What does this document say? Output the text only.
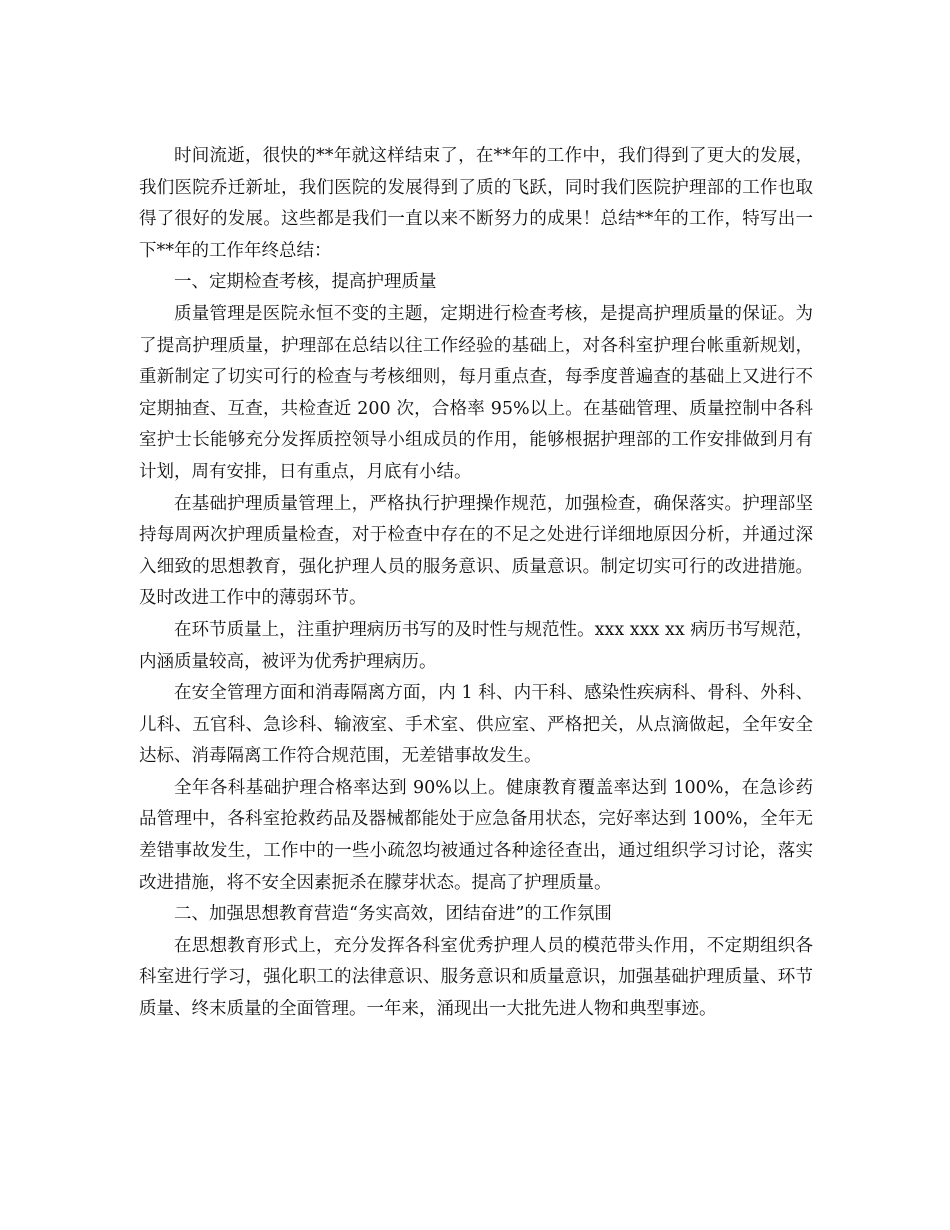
时间流逝，很快的**年就这样结束了，在**年的工作中，我们得到了更大的发展，我们医院乔迁新址，我们医院的发展得到了质的飞跃，同时我们医院护理部的工作也取得了很好的发展。这些都是我们一直以来不断努力的成果！总结**年的工作，特写出一下**年的工作年终总结：

一、定期检查考核，提高护理质量

质量管理是医院永恒不变的主题，定期进行检查考核，是提高护理质量的保证。为了提高护理质量，护理部在总结以往工作经验的基础上，对各科室护理台帐重新规划，重新制定了切实可行的检查与考核细则，每月重点查，每季度普遍查的基础上又进行不定期抽查、互查，共检查近 200 次，合格率 95%以上。在基础管理、质量控制中各科室护士长能够充分发挥质控领导小组成员的作用，能够根据护理部的工作安排做到月有计划，周有安排，日有重点，月底有小结。

在基础护理质量管理上，严格执行护理操作规范，加强检查，确保落实。护理部坚持每周两次护理质量检查，对于检查中存在的不足之处进行详细地原因分析，并通过深入细致的思想教育，强化护理人员的服务意识、质量意识。制定切实可行的改进措施。及时改进工作中的薄弱环节。

在环节质量上，注重护理病历书写的及时性与规范性。xxx xxx xx 病历书写规范，内涵质量较高，被评为优秀护理病历。

在安全管理方面和消毒隔离方面，内 1 科、内干科、感染性疾病科、骨科、外科、儿科、五官科、急诊科、输液室、手术室、供应室、严格把关，从点滴做起，全年安全达标、消毒隔离工作符合规范围，无差错事故发生。

全年各科基础护理合格率达到 90%以上。健康教育覆盖率达到 100%，在急诊药品管理中，各科室抢救药品及器械都能处于应急备用状态，完好率达到 100%，全年无差错事故发生，工作中的一些小疏忽均被通过各种途径查出，通过组织学习讨论，落实改进措施，将不安全因素扼杀在朦芽状态。提高了护理质量。

二、加强思想教育营造“务实高效，团结奋进”的工作氛围

在思想教育形式上，充分发挥各科室优秀护理人员的模范带头作用，不定期组织各科室进行学习，强化职工的法律意识、服务意识和质量意识，加强基础护理质量、环节质量、终末质量的全面管理。一年来，涌现出一大批先进人物和典型事迹。
